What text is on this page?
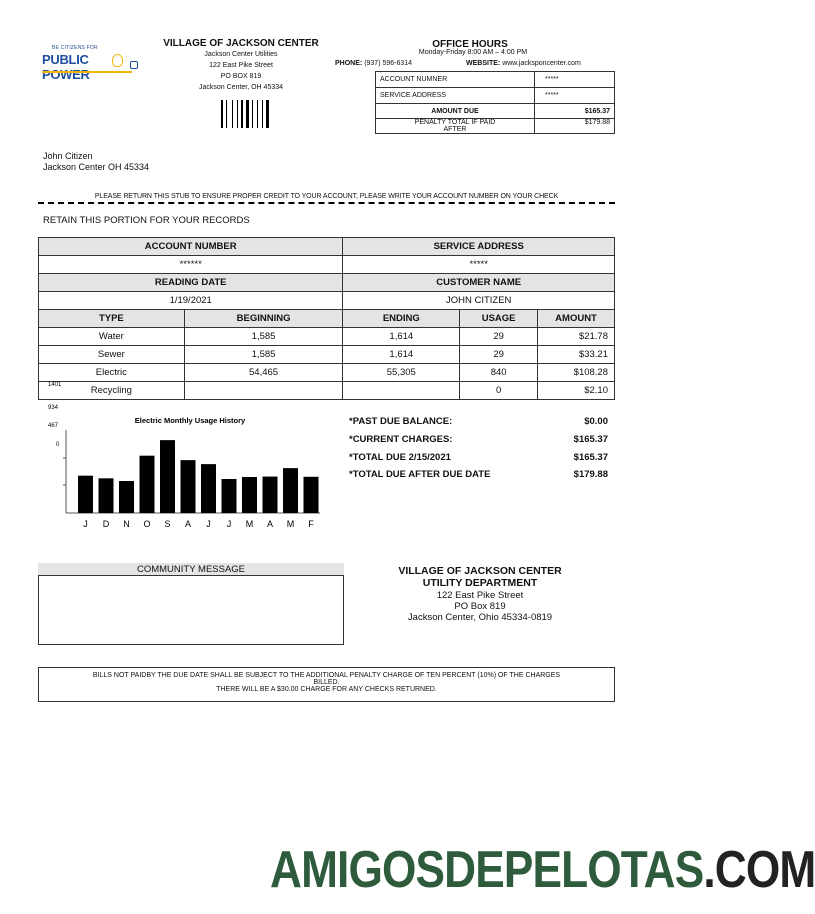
BE CITIZENS FOR
PUBLIC POWER
VILLAGE OF JACKSON CENTER
Jackson Center Utilities
122 East Pike Street
PO BOX 819
Jackson Center, OH 45334
OFFICE HOURS
Monday-Friday 8:00 AM – 4:00 PM
PHONE: (937) 596-6314	WEBSITE: www.jacksponcenter.com
ACCOUNT NUMNER	*****
SERVICE ADDRESS	*****
AMOUNT DUE	$165.37
PENALTY TOTAL IF PAID
AFTER	$179.88
John Citizen
Jackson Center OH 45334
PLEASE RETURN THIS STUB TO ENSURE PROPER CREDIT TO YOUR ACCOUNT, PLEASE WRITE YOUR ACCOUNT NUMBER ON YOUR CHECK
RETAIN THIS PORTION FOR YOUR RECORDS
ACCOUNT NUMBER		SERVICE ADDRESS		
******		*****		
READING DATE		CUSTOMER NAME		
1/19/2021		JOHN CITIZEN		
TYPE	BEGINNING	ENDING	USAGE	AMOUNT
Water	1,585	1,614	29	$21.78
Sewer	1,585	1,614	29	$33.21
Electric	54,465	55,305	840	$108.28
Recycling			0	$2.10
Electric Monthly Usage History
1401
934
467
0
J D N O S A J J M A M F
*PAST DUE BALANCE:	$0.00
*CURRENT CHARGES:	$165.37
*TOTAL DUE 2/15/2021	$165.37
*TOTAL DUE AFTER DUE DATE	$179.88
COMMUNITY MESSAGE	VILLAGE OF JACKSON CENTER
UTILITY DEPARTMENT
122 East Pike Street
PO Box 819
Jackson Center, Ohio 45334-0819
BILLS NOT PAIDBY THE DUE DATE SHALL BE SUBJECT TO THE ADDITIONAL PENALTY CHARGE OF TEN PERCENT (10%) OF THE CHARGES
BILLED.
THERE WILL BE A $30.00 CHARGE FOR ANY CHECKS RETURNED.
AMIGOSDEPELOTAS.COM
